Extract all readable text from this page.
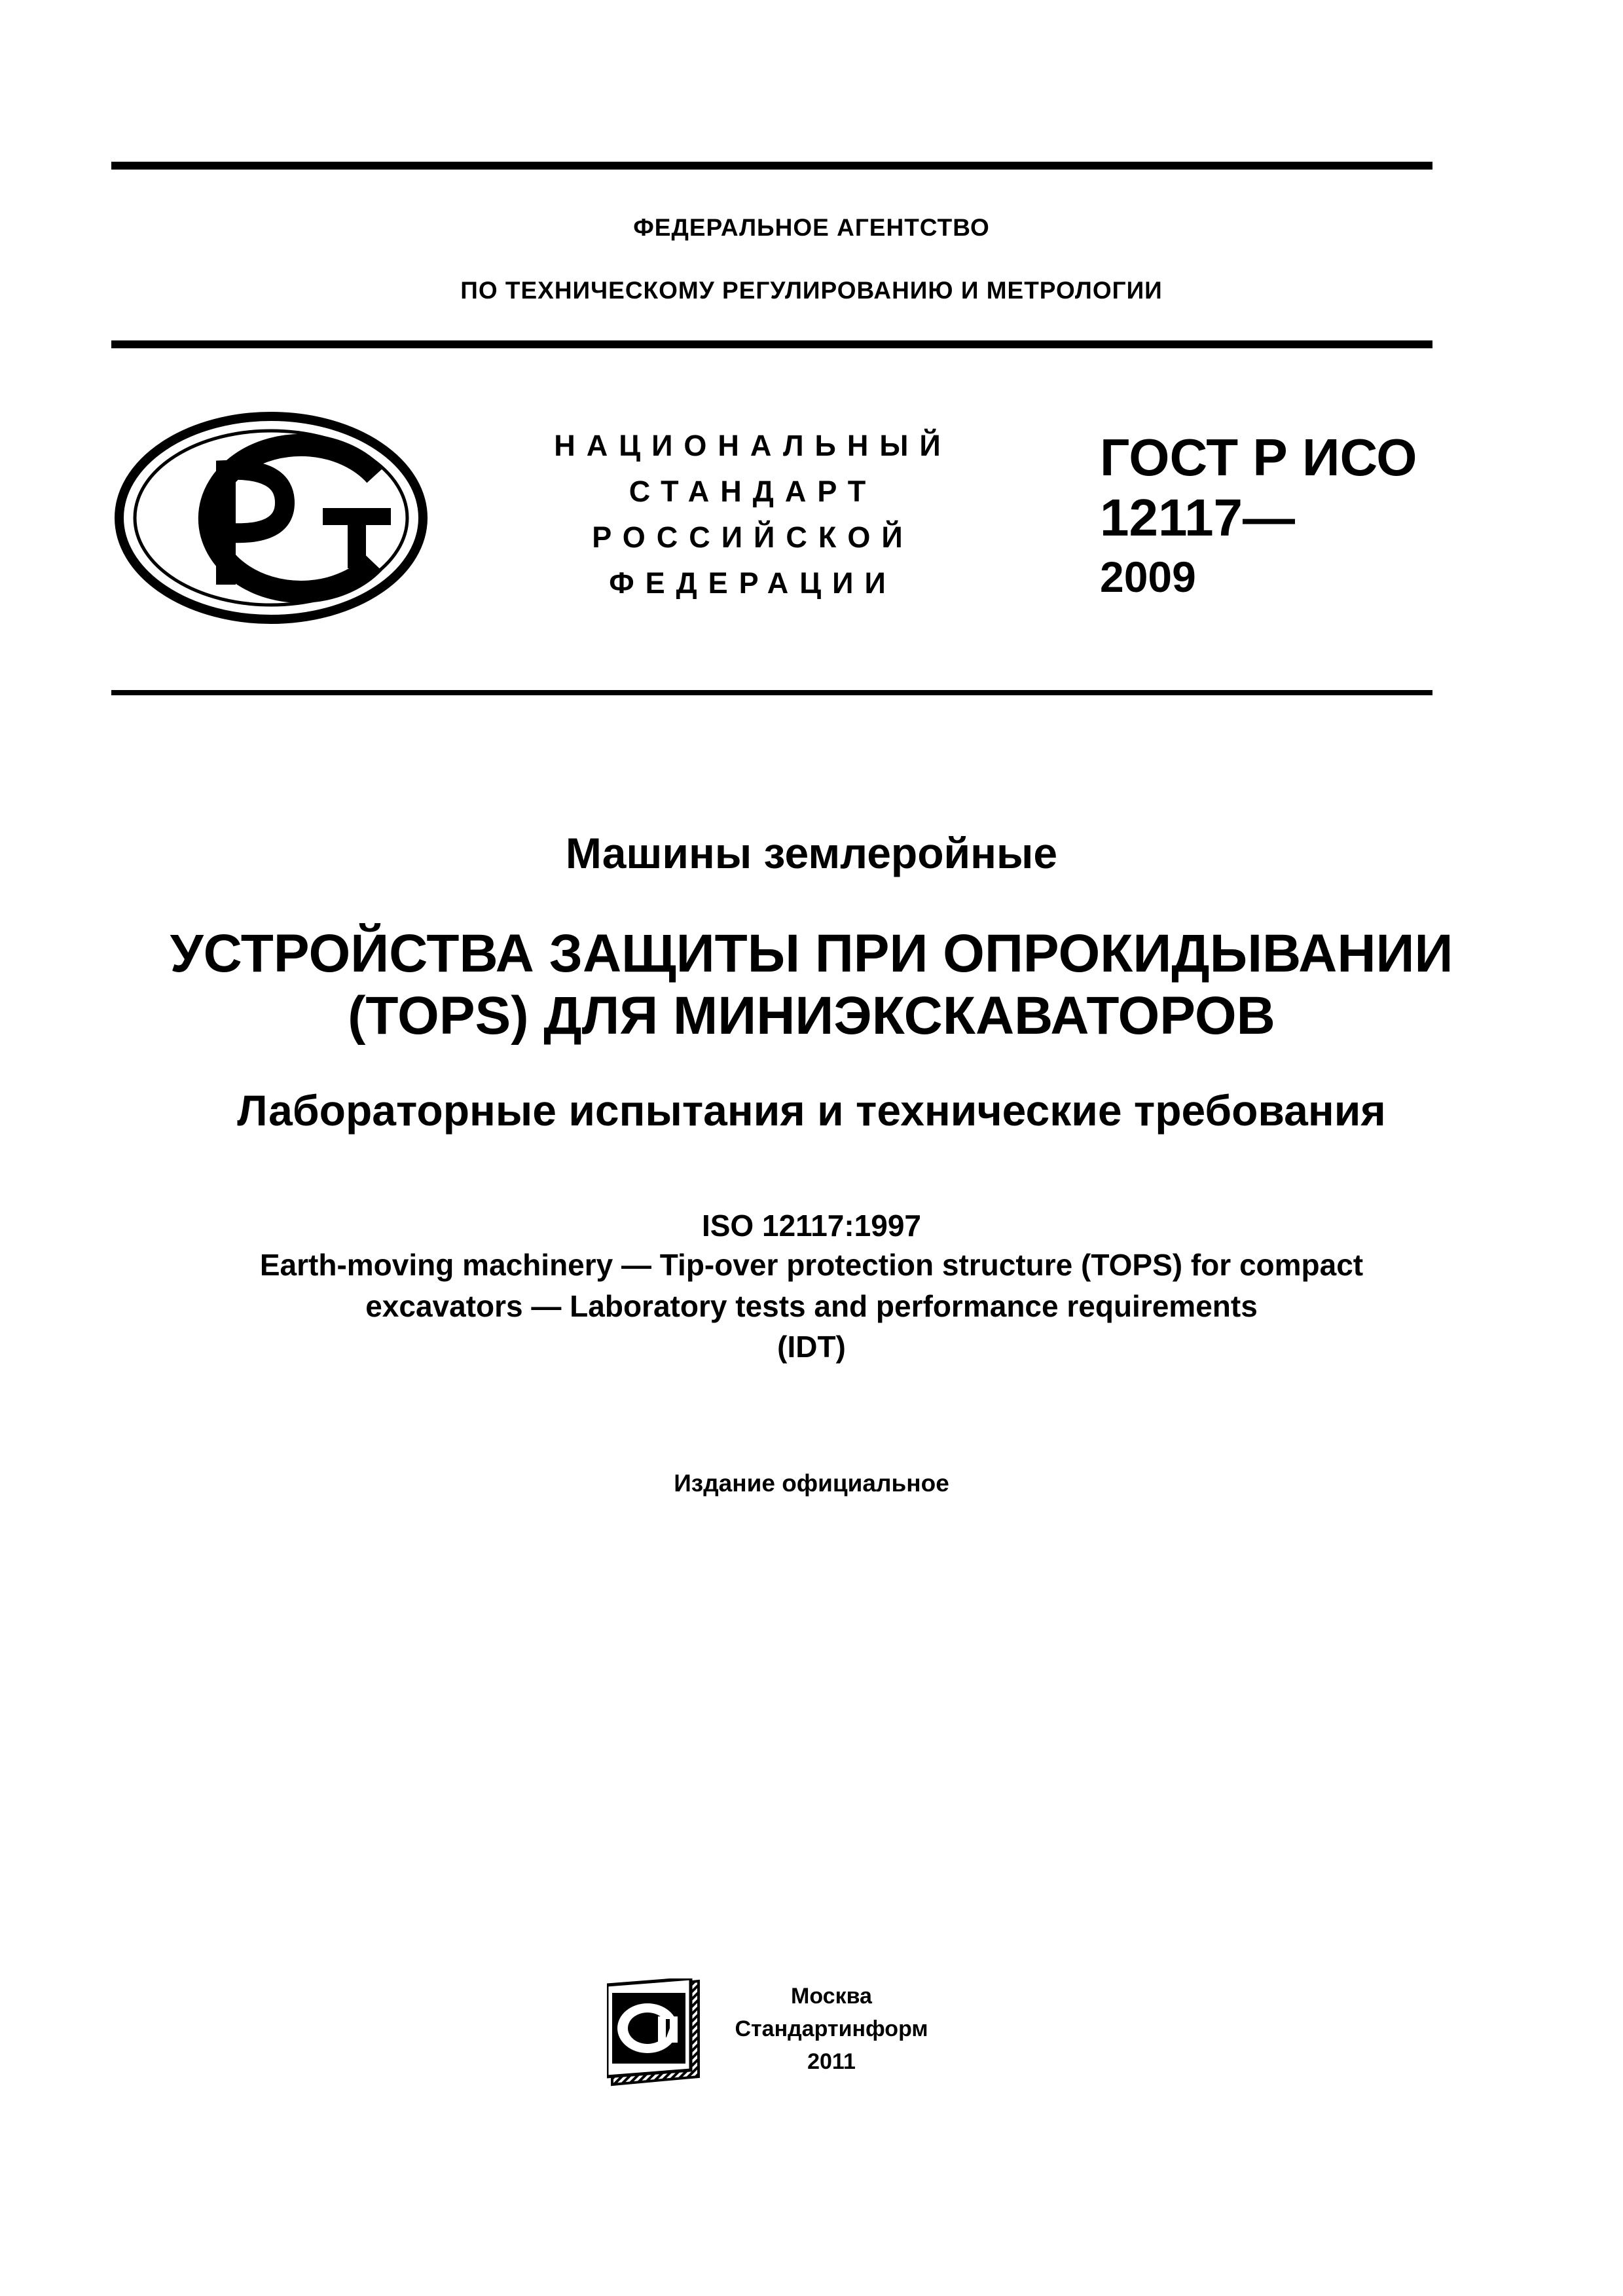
ФЕДЕРАЛЬНОЕ АГЕНТСТВО
ПО ТЕХНИЧЕСКОМУ РЕГУЛИРОВАНИЮ И МЕТРОЛОГИИ
НАЦИОНАЛЬНЫЙ
СТАНДАРТ
РОССИЙСКОЙ
ФЕДЕРАЦИИ
ГОСТ Р ИСО
12117—
2009
Машины землеройные
УСТРОЙСТВА ЗАЩИТЫ ПРИ ОПРОКИДЫВАНИИ
(TOPS) ДЛЯ МИНИЭКСКАВАТОРОВ
Лабораторные испытания и технические требования
ISO 12117:1997
Earth-moving machinery — Tip-over protection structure (TOPS) for compact
excavators — Laboratory tests and performance requirements
(IDT)
Издание официальное
Москва
Стандартинформ
2011
